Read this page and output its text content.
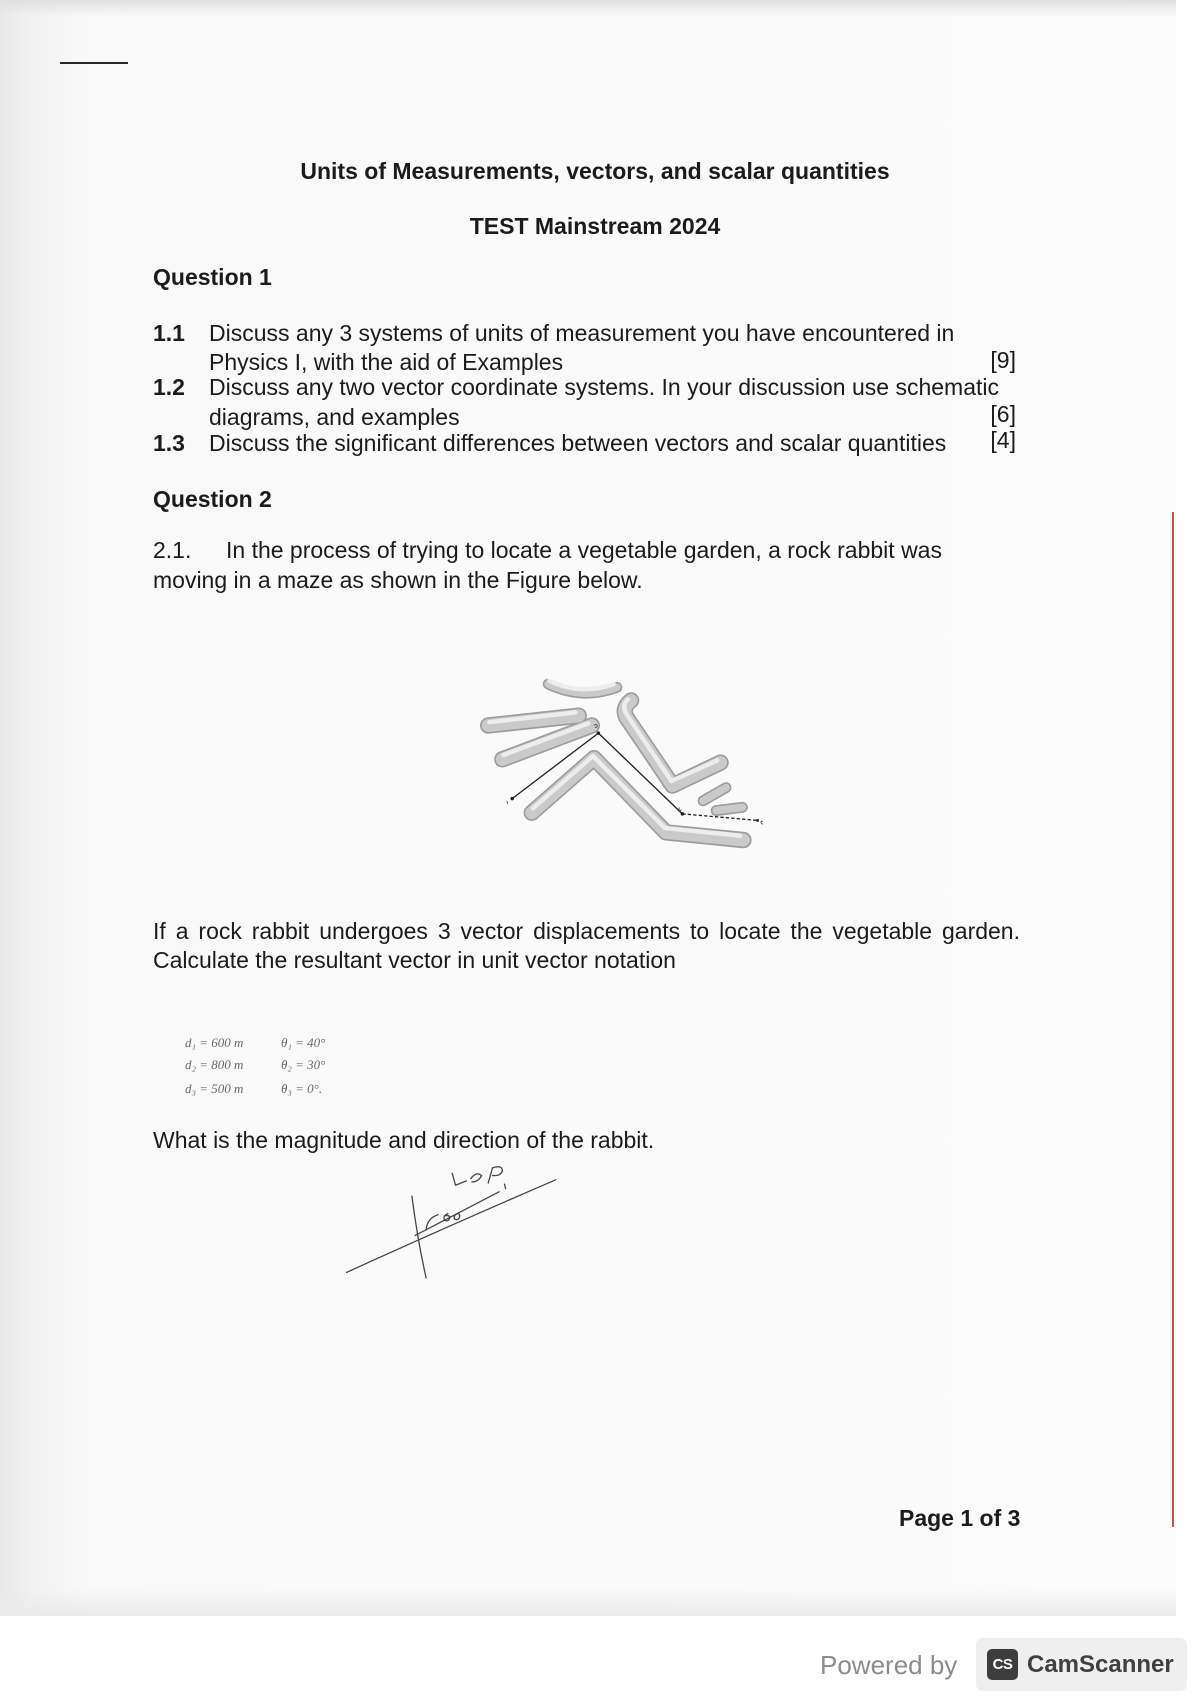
Units of Measurements, vectors, and scalar quantities
TEST Mainstream 2024
Question 1
1.1 Discuss any 3 systems of units of measurement you have encountered in
Physics I, with the aid of Examples	[9]
1.2 Discuss any two vector coordinate systems. In your discussion use schematic
diagrams, and examples	[6]
1.3 Discuss the significant differences between vectors and scalar quantities [4]
Question 2
2.1. In the process of trying to locate a vegetable garden, a rock rabbit was
moving in a maze as shown in the Figure below.
If a rock rabbit undergoes 3 vector displacements to locate the vegetable garden.
Calculate the resultant vector in unit vector notation
d₁ = 600 m	θ₁ = 40°
d₂ = 800 m	θ₂ = 30°
d₃ = 500 m	θ₃ = 0°.
What is the magnitude and direction of the rabbit.
Page 1 of 3
Powered by	CS CamScanner
